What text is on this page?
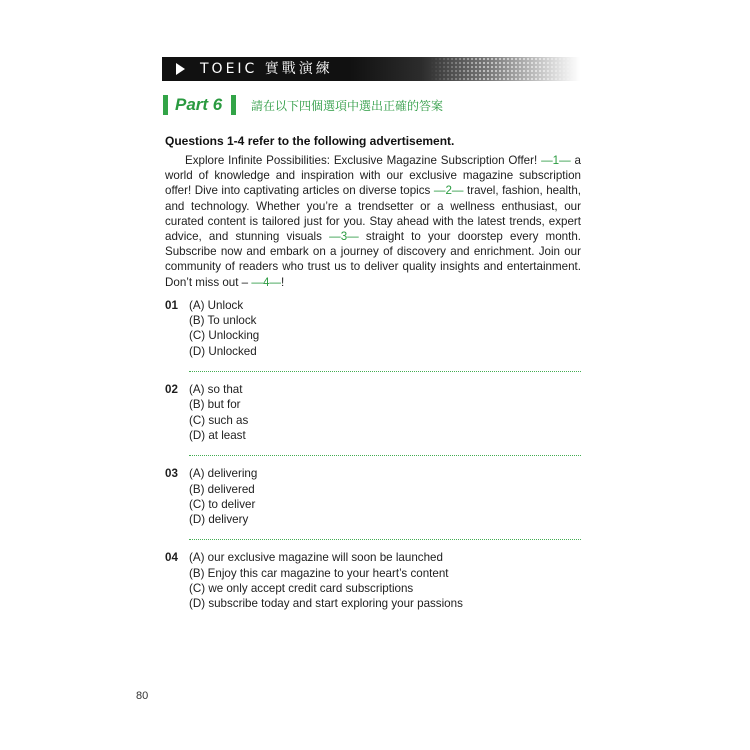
TOEIC 實戰演練
Part 6 請在以下四個選項中選出正確的答案
Questions 1-4 refer to the following advertisement.

Explore Infinite Possibilities: Exclusive Magazine Subscription Offer! —1— a world of knowledge and inspiration with our exclusive magazine subscription offer! Dive into captivating articles on diverse topics —2— travel, fashion, health, and technology. Whether you’re a trendsetter or a wellness enthusiast, our curated content is tailored just for you. Stay ahead with the latest trends, expert advice, and stunning visuals —3— straight to your doorstep every month. Subscribe now and embark on a journey of discovery and enrichment. Join our community of readers who trust us to deliver quality insights and entertainment. Don’t miss out – —4—!

01 (A) Unlock
(B) To unlock
(C) Unlocking
(D) Unlocked
02 (A) so that
(B) but for
(C) such as
(D) at least
03 (A) delivering
(B) delivered
(C) to deliver
(D) delivery
04 (A) our exclusive magazine will soon be launched
(B) Enjoy this car magazine to your heart’s content
(C) we only accept credit card subscriptions
(D) subscribe today and start exploring your passions
80
